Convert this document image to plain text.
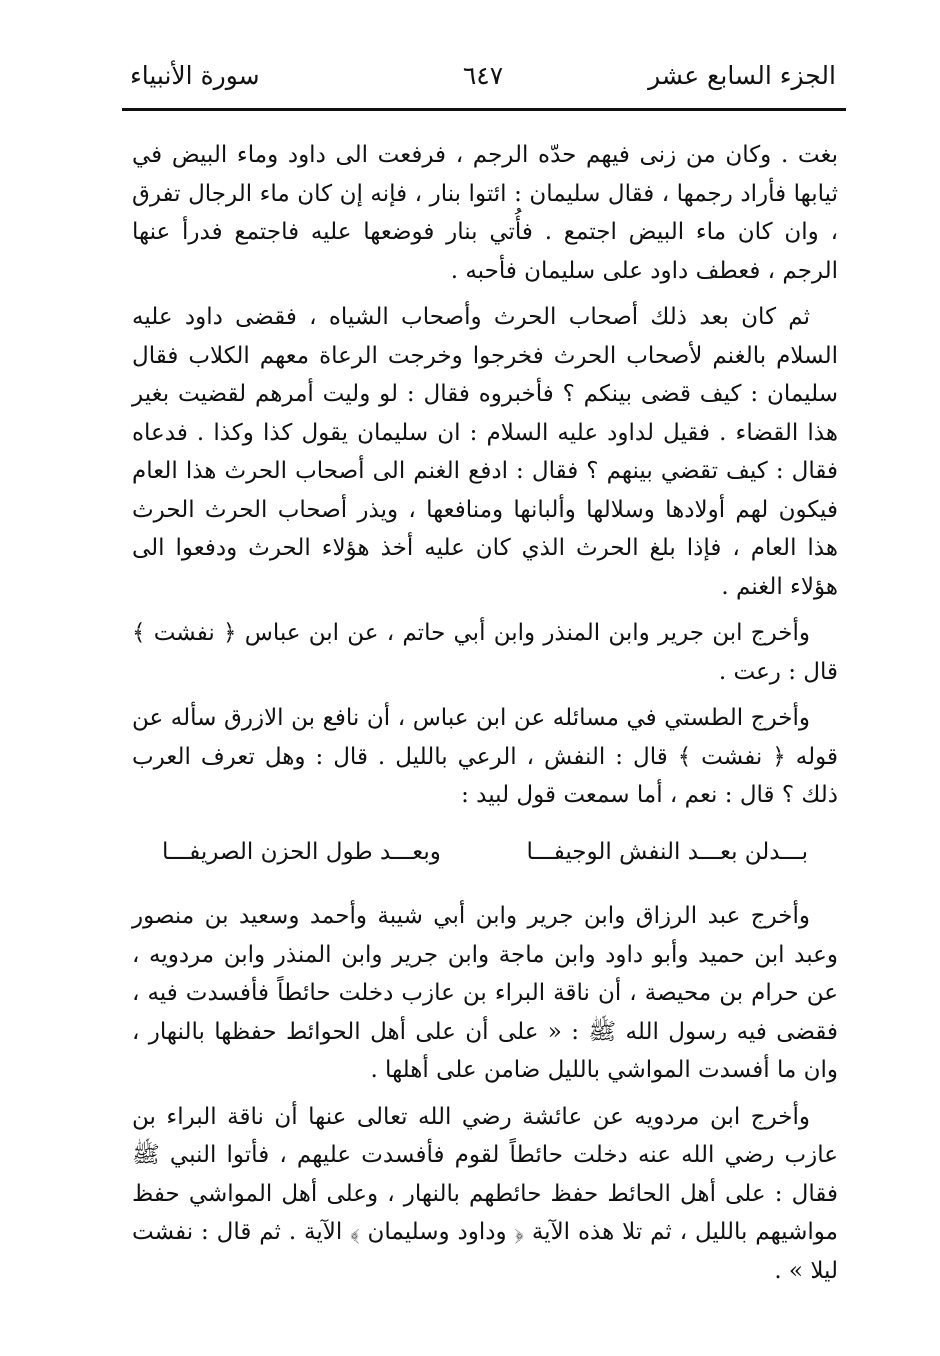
الجزء السابع عشر
٦٤٧
سورة الأنبياء

بغت . وكان من زنى فيهم حدّه الرجم ، فرفعت الى داود وماء البيض في ثيابها فأراد رجمها ، فقال سليمان : ائتوا بنار ، فإنه إن كان ماء الرجال تفرق ، وان كان ماء البيض اجتمع . فأُتي بنار فوضعها عليه فاجتمع فدرأ عنها الرجم ، فعطف داود على سليمان فأحبه .

ثم كان بعد ذلك أصحاب الحرث وأصحاب الشياه ، فقضى داود عليه السلام بالغنم لأصحاب الحرث فخرجوا وخرجت الرعاة معهم الكلاب فقال سليمان : كيف قضى بينكم ؟ فأخبروه فقال : لو وليت أمرهم لقضيت بغير هذا القضاء . فقيل لداود عليه السلام : ان سليمان يقول كذا وكذا . فدعاه فقال : كيف تقضي بينهم ؟ فقال : ادفع الغنم الى أصحاب الحرث هذا العام فيكون لهم أولادها وسلالها وألبانها ومنافعها ، ويذر أصحاب الحرث الحرث هذا العام ، فإذا بلغ الحرث الذي كان عليه أخذ هؤلاء الحرث ودفعوا الى هؤلاء الغنم .

وأخرج ابن جرير وابن المنذر وابن أبي حاتم ، عن ابن عباس ﴿ نفشت ﴾ قال : رعت .

وأخرج الطستي في مسائله عن ابن عباس ، أن نافع بن الازرق سأله عن قوله ﴿ نفشت ﴾ قال : النفش ، الرعي بالليل . قال : وهل تعرف العرب ذلك ؟ قال : نعم ، أما سمعت قول لبيد :

بـــدلن بعـــد النفش الوجيفـــا
وبعـــد طول الحزن الصريفـــا

وأخرج عبد الرزاق وابن جرير وابن أبي شيبة وأحمد وسعيد بن منصور وعبد ابن حميد وأبو داود وابن ماجة وابن جرير وابن المنذر وابن مردويه ، عن حرام بن محيصة ، أن ناقة البراء بن عازب دخلت حائطاً فأفسدت فيه ، فقضى فيه رسول الله ﷺ : « على أن على أهل الحوائط حفظها بالنهار ، وان ما أفسدت المواشي بالليل ضامن على أهلها .

وأخرج ابن مردويه عن عائشة رضي الله تعالى عنها أن ناقة البراء بن عازب رضي الله عنه دخلت حائطاً لقوم فأفسدت عليهم ، فأتوا النبي ﷺ فقال : على أهل الحائط حفظ حائطهم بالنهار ، وعلى أهل المواشي حفظ مواشيهم بالليل ، ثم تلا هذه الآية ﴿ وداود وسليمان ﴾ الآية . ثم قال : نفشت ليلا » .
